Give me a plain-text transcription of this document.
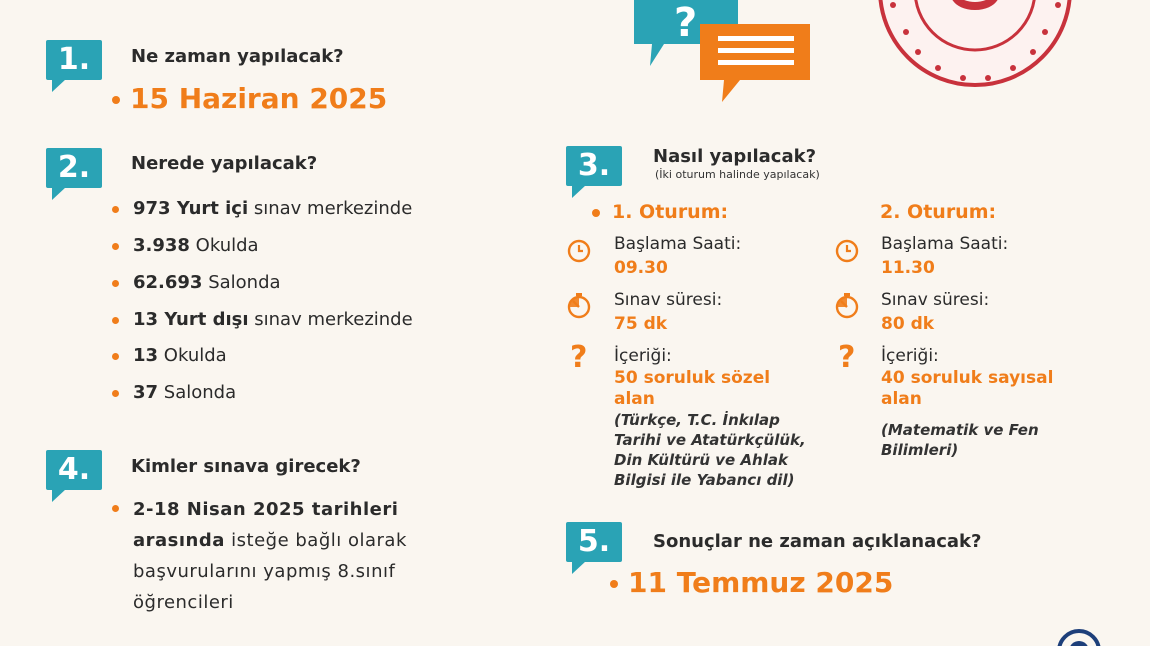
1.	Ne zaman yapılacak?
15 Haziran 2025
2.	Nerede yapılacak?
973 Yurt içi sınav merkezinde
3.938 Okulda
62.693 Salonda
13 Yurt dışı sınav merkezinde
13 Okulda
37 Salonda
4.	Kimler sınava girecek?
2-18 Nisan 2025 tarihleri
arasında isteğe bağlı olarak
başvurularını yapmış 8.sınıf
öğrencileri
?
3.	Nasıl yapılacak?
(İki oturum halinde yapılacak)
1. Oturum:
Başlama Saati:
09.30
Sınav süresi:
75 dk
? İçeriği:
50 soruluk sözel
alan
(Türkçe, T.C. İnkılap
Tarihi ve Atatürkçülük,
Din Kültürü ve Ahlak
Bilgisi ile Yabancı dil)
2. Oturum:
Başlama Saati:
11.30
Sınav süresi:
80 dk
? İçeriği:
40 soruluk sayısal
alan
(Matematik ve Fen
Bilimleri)
5.	Sonuçlar ne zaman açıklanacak?
11 Temmuz 2025
